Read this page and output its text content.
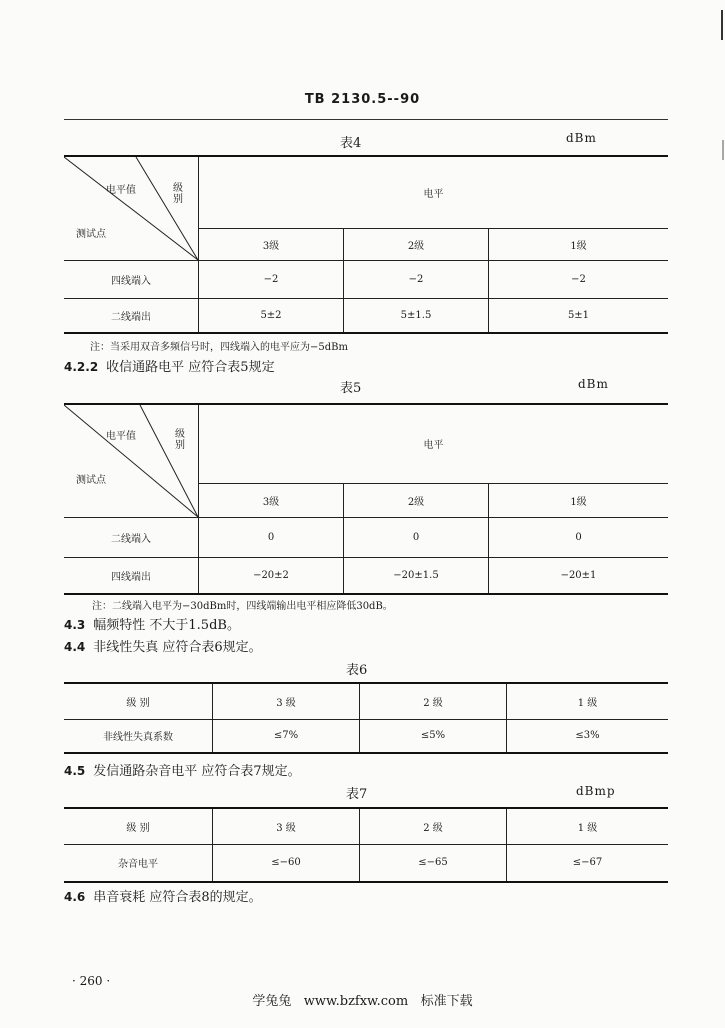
TB 2130.5--90
表4	dBm
电平值 级别
测试点	电平		
	3级	2级	1级
四线端入	−2	−2	−2
二线端出	5±2	5±1.5	5±1
注：当采用双音多频信号时，四线端入的电平应为−5dBm
4.2.2 收信通路电平 应符合表5规定
表5	dBm
电平值 级别
测试点	电平		
	3级	2级	1级
二线端入	0	0	0
四线端出	−20±2	−20±1.5	−20±1
注：二线端入电平为−30dBm时，四线端输出电平相应降低30dB。
4.3 幅频特性 不大于1.5dB。
4.4 非线性失真 应符合表6规定。
表6
级 别	3 级	2 级	1 级
非线性失真系数	≤7%	≤5%	≤3%
4.5 发信通路杂音电平 应符合表7规定。
表7	dBmp
级 别	3 级	2 级	1 级
杂音电平	≤−60	≤−65	≤−67
4.6 串音衰耗 应符合表8的规定。
· 260 ·
学兔兔   www.bzfxw.com   标准下载
